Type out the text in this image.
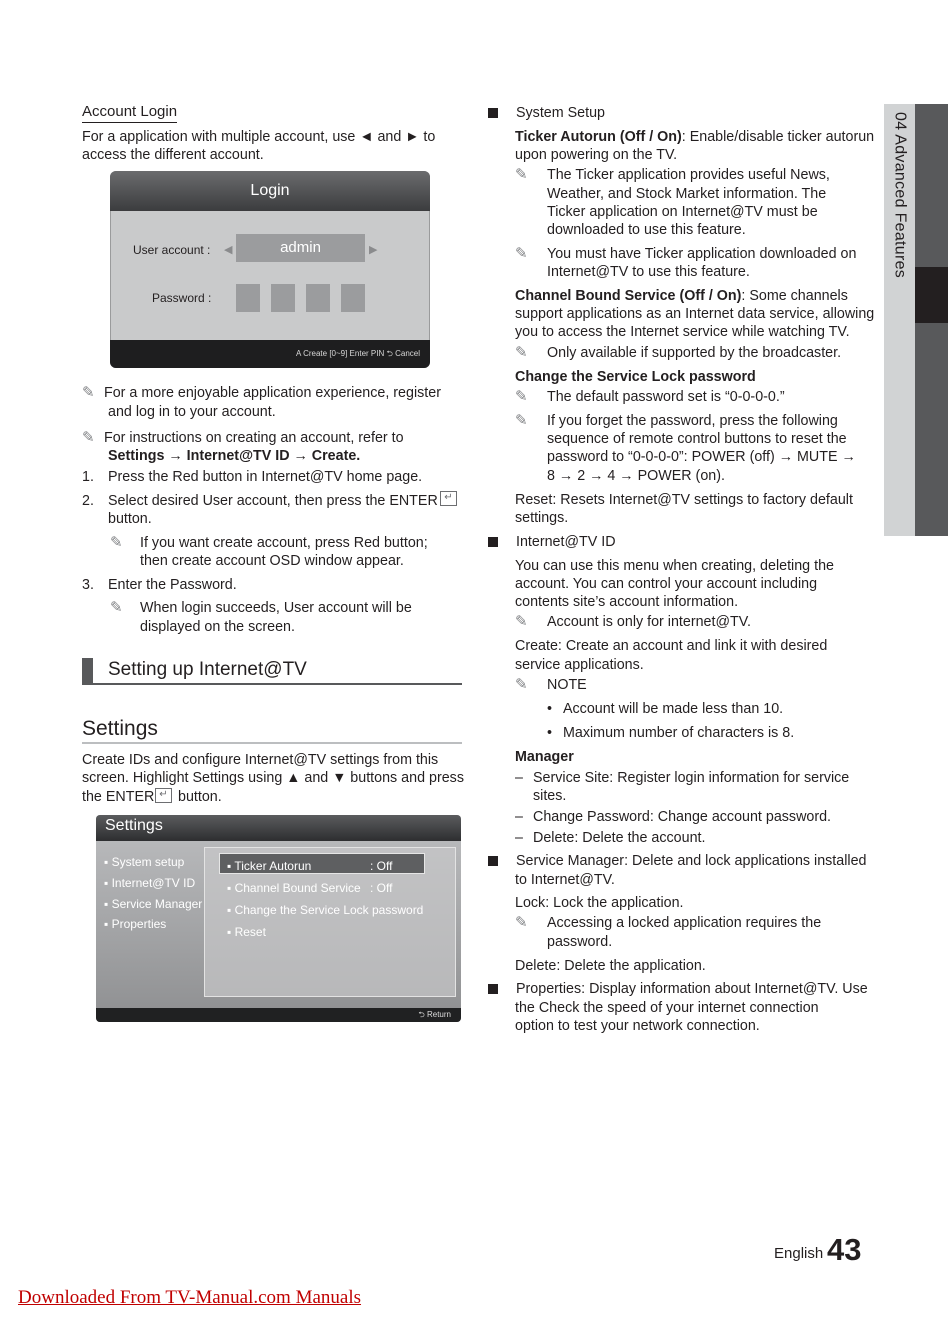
04 Advanced Features
Account Login
For a application with multiple account, use ◄ and ► to
access the different account.
Login
User account : ◀	admin	▶
Password :
A Create [0~9] Enter PIN ⮌ Cancel
✎ For a more enjoyable application experience, register
and log in to your account.
✎ For instructions on creating an account, refer to
Settings → Internet@TV ID → Create.
1. Press the Red button in Internet@TV home page.
2. Select desired User account, then press the ENTER ↵
button.
✎ If you want create account, press Red button;
then create account OSD window appear.
3. Enter the Password.
✎ When login succeeds, User account will be
displayed on the screen.
Setting up Internet@TV
Settings
Create IDs and configure Internet@TV settings from this
screen. Highlight Settings using ▲ and ▼ buttons and press
the ENTER ↵ button.
Settings
▪ System setup
▪ Internet@TV ID
▪ Service Manager
▪ Properties
▪ Ticker Autorun	: Off
▪ Channel Bound Service : Off
▪ Change the Service Lock password
▪ Reset
⮌ Return
System Setup
Ticker Autorun (Off / On): Enable/disable ticker autorun
upon powering on the TV.
✎ The Ticker application provides useful News,
Weather, and Stock Market information. The
Ticker application on Internet@TV must be
downloaded to use this feature.
✎ You must have Ticker application downloaded on
Internet@TV to use this feature.
Channel Bound Service (Off / On): Some channels
support applications as an Internet data service, allowing
you to access the Internet service while watching TV.
✎ Only available if supported by the broadcaster.
Change the Service Lock password
✎ The default password set is “0-0-0-0.”
✎ If you forget the password, press the following
sequence of remote control buttons to reset the
password to “0-0-0-0”: POWER (off) → MUTE →
8 → 2 → 4 → POWER (on).
Reset: Resets Internet@TV settings to factory default
settings.
Internet@TV ID
You can use this menu when creating, deleting the
account. You can control your account including
contents site’s account information.
✎ Account is only for internet@TV.
Create: Create an account and link it with desired
service applications.
✎ NOTE
• Account will be made less than 10.
• Maximum number of characters is 8.
Manager
– Service Site: Register login information for service
sites.
– Change Password: Change account password.
– Delete: Delete the account.
Service Manager: Delete and lock applications installed
to Internet@TV.
Lock: Lock the application.
✎ Accessing a locked application requires the
password.
Delete: Delete the application.
Properties: Display information about Internet@TV. Use
the Check the speed of your internet connection
option to test your network connection.
English 43
Downloaded From TV-Manual.com Manuals
